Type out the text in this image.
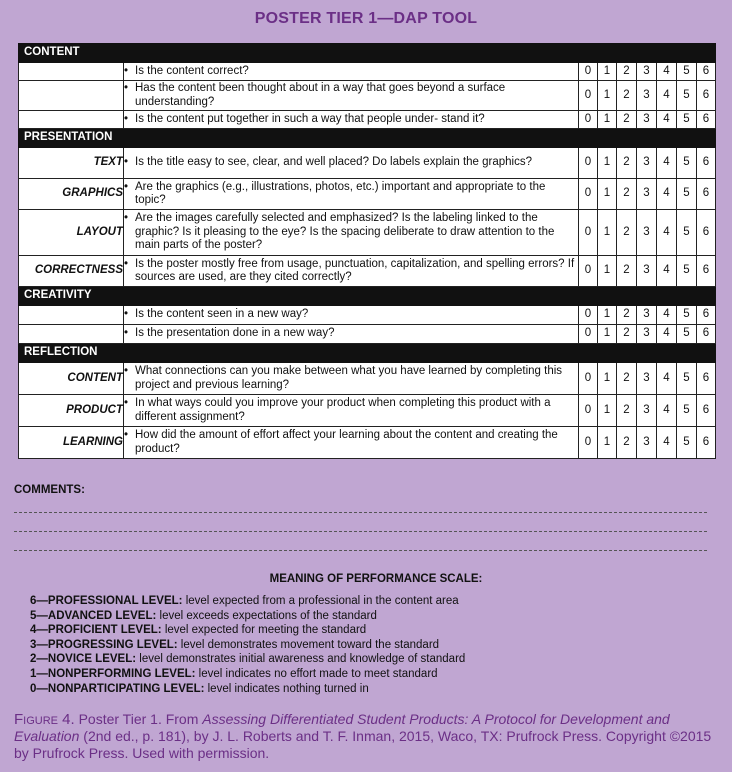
POSTER TIER 1—DAP TOOL
CONTENT								

	• Is the content correct?	0	1	2	3	4	5	6

	• Has the content been thought about in a way that goes beyond a surface understanding?	0	1	2	3	4	5	6

	• Is the content put together in such a way that people under- stand it?	0	1	2	3	4	5	6
PRESENTATION								
TEXT	• Is the title easy to see, clear, and well placed? Do labels explain the graphics?	0	1	2	3	4	5	6
GRAPHICS	• Are the graphics (e.g., illustrations, photos, etc.) important and appropriate to the topic?	0	1	2	3	4	5	6
LAYOUT	• Are the images carefully selected and emphasized? Is the labeling linked to the graphic? Is it pleasing to the eye? Is the spacing deliberate to draw attention to the main parts of the poster?	0	1	2	3	4	5	6
CORRECTNESS	• Is the poster mostly free from usage, punctuation, capitalization, and spelling errors? If sources are used, are they cited correctly?	0	1	2	3	4	5	6
CREATIVITY								

	• Is the content seen in a new way?	0	1	2	3	4	5	6

	• Is the presentation done in a new way?	0	1	2	3	4	5	6
REFLECTION								
CONTENT	• What connections can you make between what you have learned by completing this project and previous learning?	0	1	2	3	4	5	6
PRODUCT	• In what ways could you improve your product when completing this product with a different assignment?	0	1	2	3	4	5	6
LEARNING	• How did the amount of effort affect your learning about the content and creating the product?	0	1	2	3	4	5	6
COMMENTS:
MEANING OF PERFORMANCE SCALE:
6—PROFESSIONAL LEVEL: level expected from a professional in the content area
5—ADVANCED LEVEL: level exceeds expectations of the standard
4—PROFICIENT LEVEL: level expected for meeting the standard
3—PROGRESSING LEVEL: level demonstrates movement toward the standard
2—NOVICE LEVEL: level demonstrates initial awareness and knowledge of standard
1—NONPERFORMING LEVEL: level indicates no effort made to meet standard
0—NONPARTICIPATING LEVEL: level indicates nothing turned in
Figure 4. Poster Tier 1. From Assessing Differentiated Student Products: A Protocol for Development and Evaluation (2nd ed., p. 181), by J. L. Roberts and T. F. Inman, 2015, Waco, TX: Prufrock Press. Copyright ©2015 by Prufrock Press. Used with permission.
